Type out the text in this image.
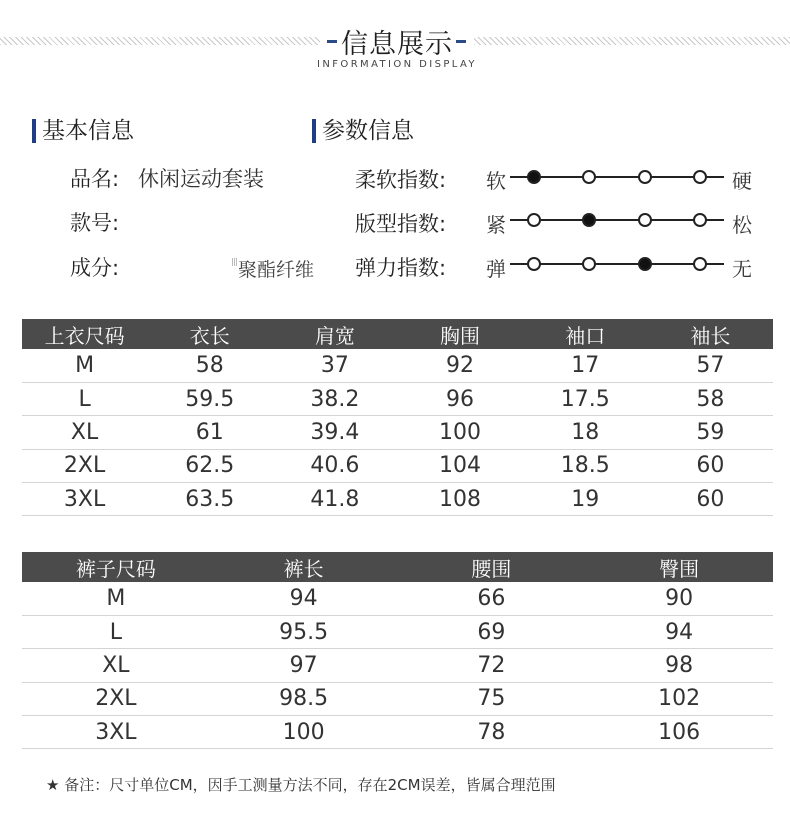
信息展示
INFORMATION DISPLAY
基本信息
品名: 休闲运动套装
款号:
成分:	聚酯纤维
参数信息
柔软指数: 软	硬
版型指数: 紧	松
弹力指数: 弹	无
上衣尺码	衣长	肩宽	胸围	袖口	袖长
M	58	37	92	17	57
L	59.5	38.2	96	17.5	58
XL	61	39.4	100	18	59
2XL	62.5	40.6	104	18.5	60
3XL	63.5	41.8	108	19	60
裤子尺码	裤长	腰围	臀围
M	94	66	90
L	95.5	69	94
XL	97	72	98
2XL	98.5	75	102
3XL	100	78	106
★ 备注：尺寸单位CM，因手工测量方法不同，存在2CM误差，皆属合理范围
